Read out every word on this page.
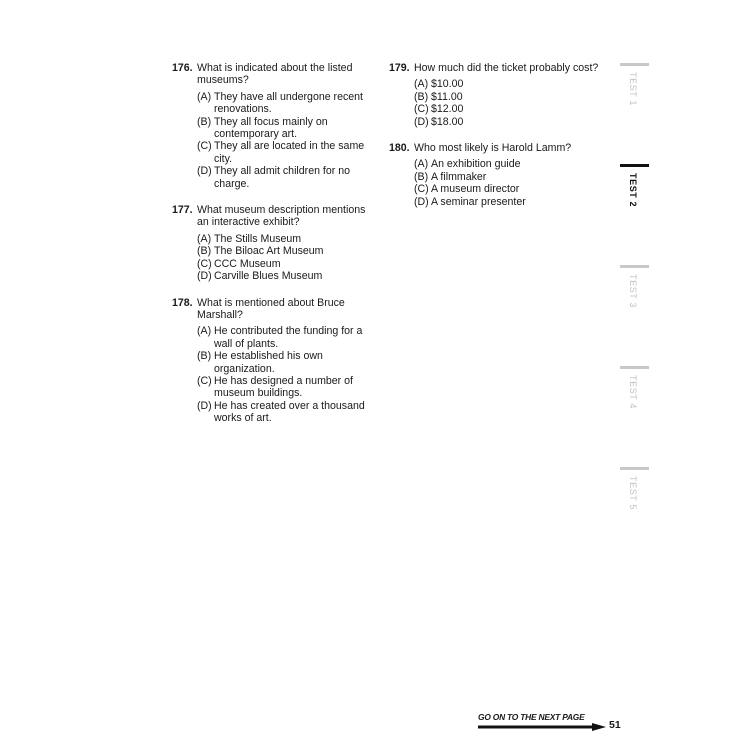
176. What is indicated about the listed museums?
(A) They have all undergone recent renovations.
(B) They all focus mainly on contemporary art.
(C) They all are located in the same city.
(D) They all admit children for no charge.
177. What museum description mentions an interactive exhibit?
(A) The Stills Museum
(B) The Biloac Art Museum
(C) CCC Museum
(D) Carville Blues Museum
178. What is mentioned about Bruce Marshall?
(A) He contributed the funding for a wall of plants.
(B) He established his own organization.
(C) He has designed a number of museum buildings.
(D) He has created over a thousand works of art.
179. How much did the ticket probably cost?
(A) $10.00
(B) $11.00
(C) $12.00
(D) $18.00
180. Who most likely is Harold Lamm?
(A) An exhibition guide
(B) A filmmaker
(C) A museum director
(D) A seminar presenter
TEST 1
TEST 2
TEST 3
TEST 4
TEST 5
GO ON TO THE NEXT PAGE
51
